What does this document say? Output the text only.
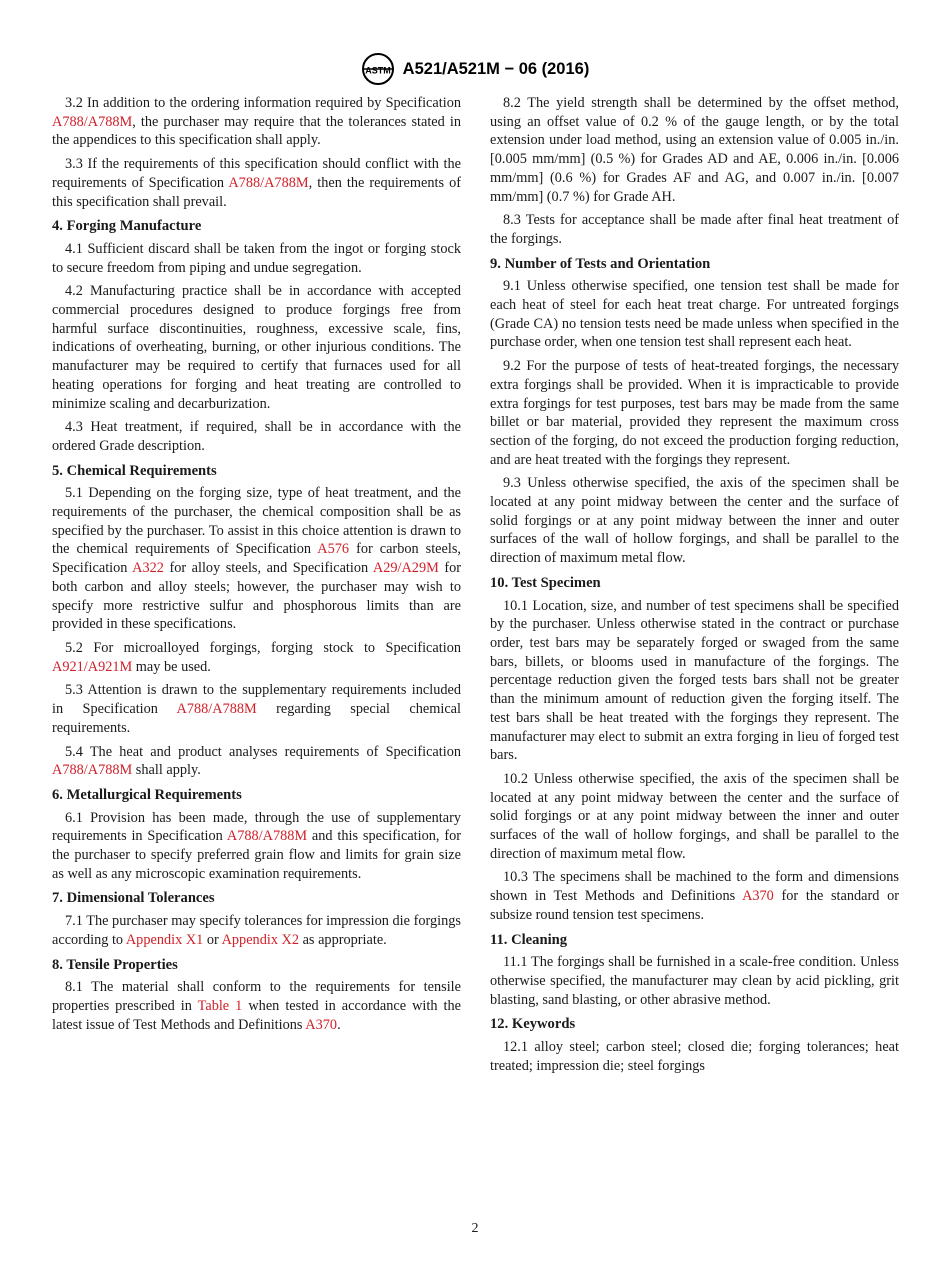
ASTM A521/A521M − 06 (2016)

3.2 In addition to the ordering information required by Specification A788/A788M, the purchaser may require that the tolerances stated in the appendices to this specification shall apply.

3.3 If the requirements of this specification should conflict with the requirements of Specification A788/A788M, then the requirements of this specification shall prevail.

4. Forging Manufacture

4.1 Sufficient discard shall be taken from the ingot or forging stock to secure freedom from piping and undue segregation.

4.2 Manufacturing practice shall be in accordance with accepted commercial procedures designed to produce forgings free from harmful surface discontinuities, roughness, excessive scale, fins, indications of overheating, burning, or other injurious conditions. The manufacturer may be required to certify that furnaces used for all heating operations for forging and heat treating are controlled to minimize scaling and decarburization.

4.3 Heat treatment, if required, shall be in accordance with the ordered Grade description.

5. Chemical Requirements

5.1 Depending on the forging size, type of heat treatment, and the requirements of the purchaser, the chemical composition shall be as specified by the purchaser. To assist in this choice attention is drawn to the chemical requirements of Specification A576 for carbon steels, Specification A322 for alloy steels, and Specification A29/A29M for both carbon and alloy steels; however, the purchaser may wish to specify more restrictive sulfur and phosphorous limits than are provided in these specifications.

5.2 For microalloyed forgings, forging stock to Specification A921/A921M may be used.

5.3 Attention is drawn to the supplementary requirements included in Specification A788/A788M regarding special chemical requirements.

5.4 The heat and product analyses requirements of Specification A788/A788M shall apply.

6. Metallurgical Requirements

6.1 Provision has been made, through the use of supplementary requirements in Specification A788/A788M and this specification, for the purchaser to specify preferred grain flow and limits for grain size as well as any microscopic examination requirements.

7. Dimensional Tolerances

7.1 The purchaser may specify tolerances for impression die forgings according to Appendix X1 or Appendix X2 as appropriate.

8. Tensile Properties

8.1 The material shall conform to the requirements for tensile properties prescribed in Table 1 when tested in accordance with the latest issue of Test Methods and Definitions A370.

8.2 The yield strength shall be determined by the offset method, using an offset value of 0.2 % of the gauge length, or by the total extension under load method, using an extension value of 0.005 in./in. [0.005 mm/mm] (0.5 %) for Grades AD and AE, 0.006 in./in. [0.006 mm/mm] (0.6 %) for Grades AF and AG, and 0.007 in./in. [0.007 mm/mm] (0.7 %) for Grade AH.

8.3 Tests for acceptance shall be made after final heat treatment of the forgings.

9. Number of Tests and Orientation

9.1 Unless otherwise specified, one tension test shall be made for each heat of steel for each heat treat charge. For untreated forgings (Grade CA) no tension tests need be made unless when specified in the purchase order, when one tension test shall represent each heat.

9.2 For the purpose of tests of heat-treated forgings, the necessary extra forgings shall be provided. When it is impracticable to provide extra forgings for test purposes, test bars may be made from the same billet or bar material, provided they represent the maximum cross section of the forging, do not exceed the production forging reduction, and are heat treated with the forgings they represent.

9.3 Unless otherwise specified, the axis of the specimen shall be located at any point midway between the center and the surface of solid forgings or at any point midway between the inner and outer surfaces of the wall of hollow forgings, and shall be parallel to the direction of maximum metal flow.

10. Test Specimen

10.1 Location, size, and number of test specimens shall be specified by the purchaser. Unless otherwise stated in the contract or purchase order, test bars may be separately forged or swaged from the same bars, billets, or blooms used in manufacture of the forgings. The percentage reduction given the forged tests bars shall not be greater than the minimum amount of reduction given the forging itself. The test bars shall be heat treated with the forgings they represent. The manufacturer may elect to submit an extra forging in lieu of forged test bars.

10.2 Unless otherwise specified, the axis of the specimen shall be located at any point midway between the center and the surface of solid forgings or at any point midway between the inner and outer surfaces of the wall of hollow forgings, and shall be parallel to the direction of maximum metal flow.

10.3 The specimens shall be machined to the form and dimensions shown in Test Methods and Definitions A370 for the standard or subsize round tension test specimens.

11. Cleaning

11.1 The forgings shall be furnished in a scale-free condition. Unless otherwise specified, the manufacturer may clean by acid pickling, grit blasting, sand blasting, or other abrasive method.

12. Keywords

12.1 alloy steel; carbon steel; closed die; forging tolerances; heat treated; impression die; steel forgings

2
